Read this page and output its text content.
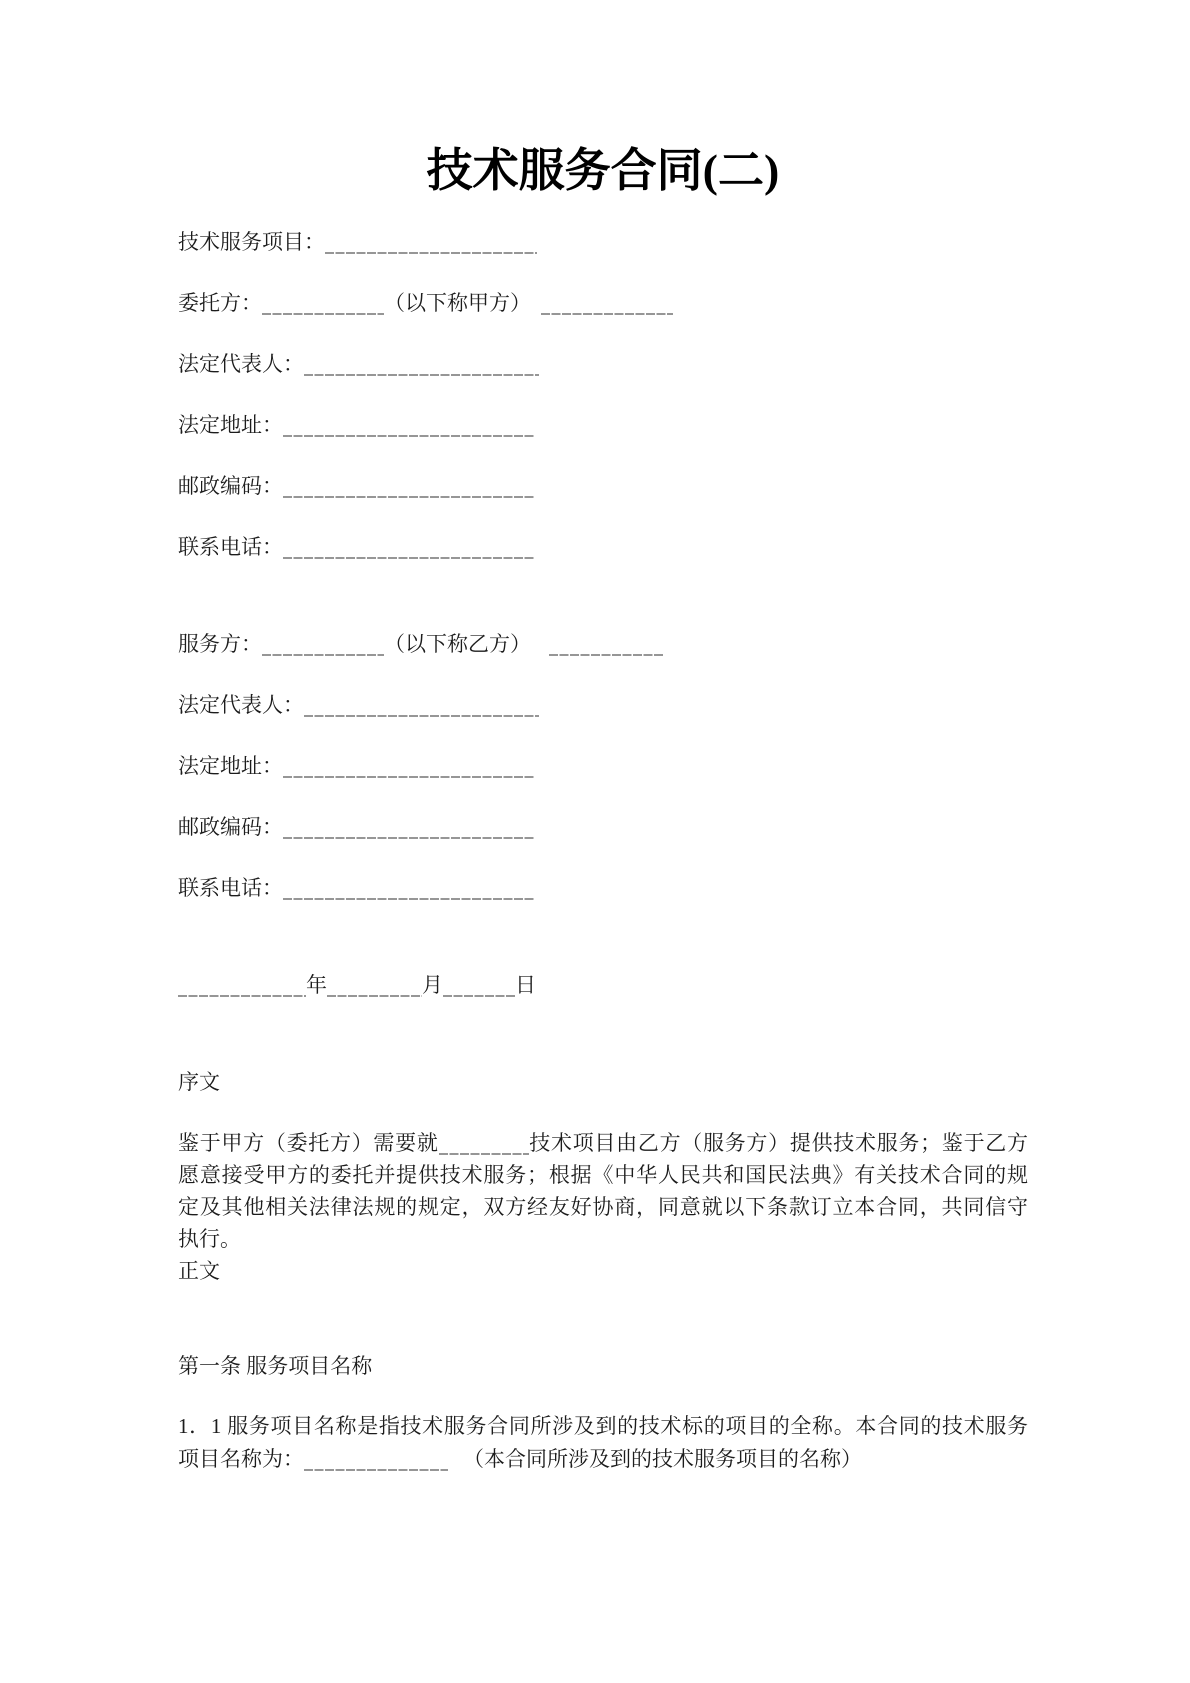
技术服务合同(二)
技术服务项目：
委托方：	（以下称甲方）
法定代表人：
法定地址：
邮政编码：
联系电话：
服务方：	（以下称乙方）
法定代表人：
法定地址：
邮政编码：
联系电话：
年	月	日
序文
鉴于甲方（委托方）需要就	技术项目由乙方（服务方）提供技术服务；鉴于乙方
愿意接受甲方的委托并提供技术服务；根据《中华人民共和国民法典》有关技术合同的规
定及其他相关法律法规的规定，双方经友好协商，同意就以下条款订立本合同，共同信守
执行。
正文
第一条 服务项目名称
1．1 服务项目名称是指技术服务合同所涉及到的技术标的项目的全称。本合同的技术服务
项目名称为：	（本合同所涉及到的技术服务项目的名称）
